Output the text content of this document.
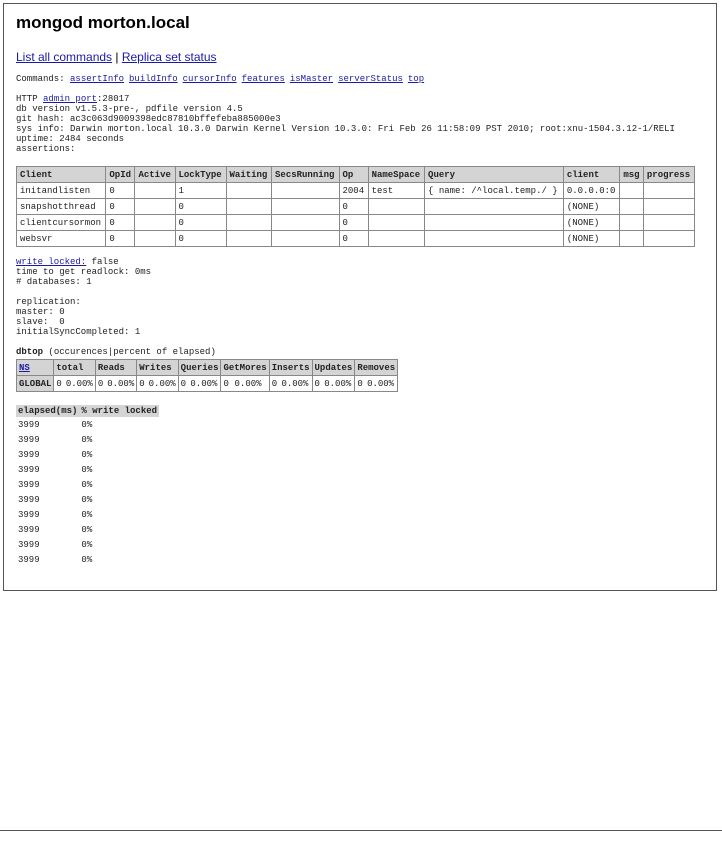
mongod morton.local
List all commands | Replica set status
Commands: assertInfo buildInfo cursorInfo features isMaster serverStatus top
HTTP admin port:28017
db version v1.5.3-pre-, pdfile version 4.5
git hash: ac3c063d9009398edc87810bffefeba885000e3
sys info: Darwin morton.local 10.3.0 Darwin Kernel Version 10.3.0: Fri Feb 26 11:58:09 PST 2010; root:xnu-1504.3.12-1/RELI
uptime: 2484 seconds
assertions:
Client	OpId	Active	LockType	Waiting	SecsRunning	Op	NameSpace	Query	client	msg	progress
initandlisten	0		1			2004	test	{ name: /^local.temp./ }	0.0.0.0:0		
snapshotthread	0		0			0			(NONE)		
clientcursormon	0		0			0			(NONE)		
websvr	0		0			0			(NONE)		
write locked: false
time to get readlock: 0ms
# databases: 1
replication:
master: 0
slave:  0
initialSyncCompleted: 1
dbtop (occurences|percent of elapsed)
NS	total		Reads		Writes		Queries		GetMores		Inserts		Updates		Removes	
GLOBAL	0	0.00%	0	0.00%	0	0.00%	0	0.00%	0	0.00%	0	0.00%	0	0.00%	0	0.00%
elapsed(ms)	% write locked
3999	0%
3999	0%
3999	0%
3999	0%
3999	0%
3999	0%
3999	0%
3999	0%
3999	0%
3999	0%
